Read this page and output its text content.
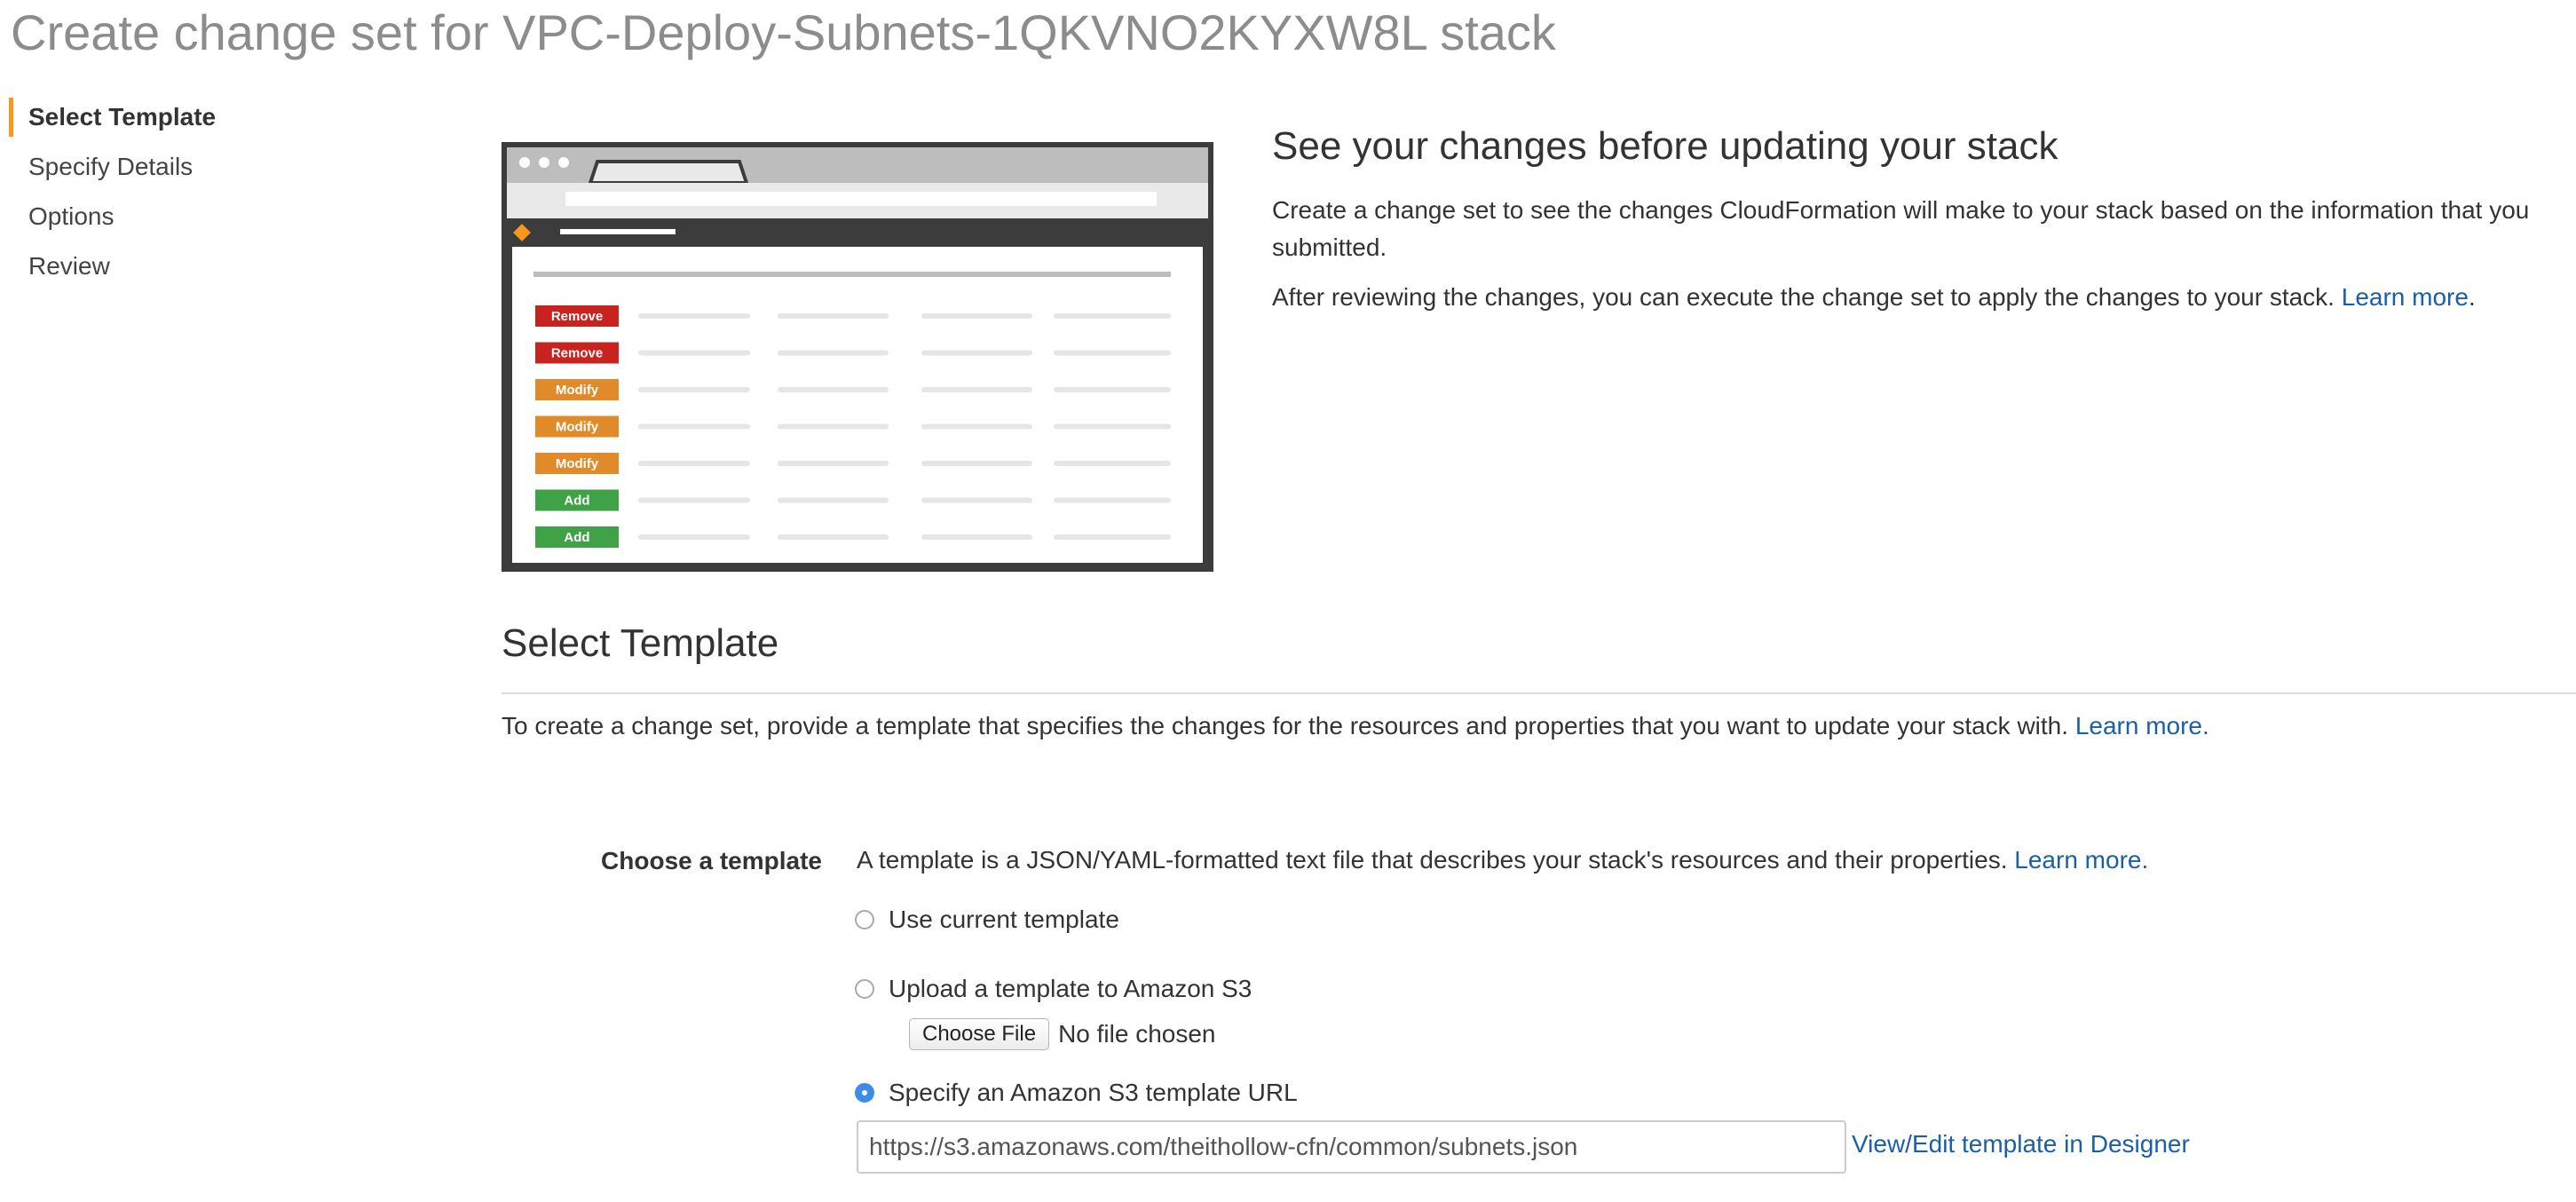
Create change set for VPC-Deploy-Subnets-1QKVNO2KYXW8L stack
Select Template
Specify Details
Options
Review
Remove
Remove
Modify
Modify
Modify
Add
Add
See your changes before updating your stack

Create a change set to see the changes CloudFormation will make to your stack based on the information that you submitted.

After reviewing the changes, you can execute the change set to apply the changes to your stack. Learn more.

Select Template
To create a change set, provide a template that specifies the changes for the resources and properties that you want to update your stack with. Learn more.
Choose a template A template is a JSON/YAML-formatted text file that describes your stack's resources and their properties. Learn more.
Use current template
Upload a template to Amazon S3
Choose File No file chosen
Specify an Amazon S3 template URL
https://s3.amazonaws.com/theithollow-cfn/common/subnets.json
View/Edit template in Designer
